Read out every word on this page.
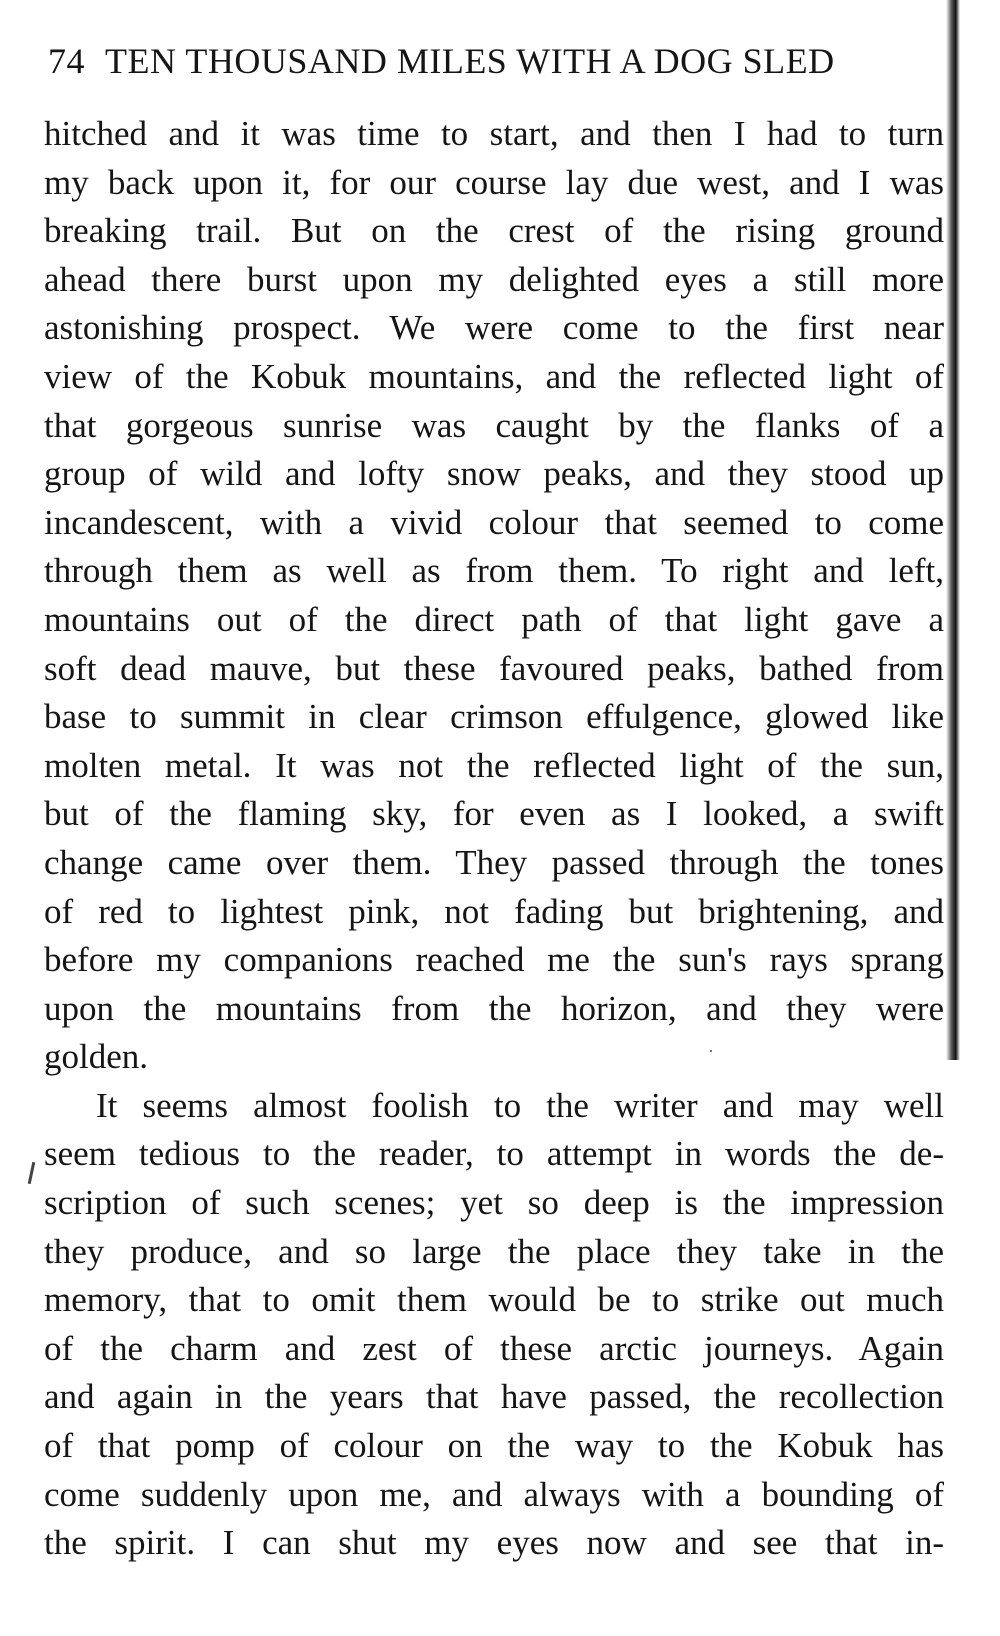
74 TEN THOUSAND MILES WITH A DOG SLED
hitched and it was time to start, and then I had to turn
my back upon it, for our course lay due west, and I was
breaking trail. But on the crest of the rising ground
ahead there burst upon my delighted eyes a still more
astonishing prospect. We were come to the first near
view of the Kobuk mountains, and the reflected light of
that gorgeous sunrise was caught by the flanks of a
group of wild and lofty snow peaks, and they stood up
incandescent, with a vivid colour that seemed to come
through them as well as from them. To right and left,
mountains out of the direct path of that light gave a
soft dead mauve, but these favoured peaks, bathed from
base to summit in clear crimson effulgence, glowed like
molten metal. It was not the reflected light of the sun,
but of the flaming sky, for even as I looked, a swift
change came over them. They passed through the tones
of red to lightest pink, not fading but brightening, and
before my companions reached me the sun's rays sprang
upon the mountains from the horizon, and they were
golden.
It seems almost foolish to the writer and may well
seem tedious to the reader, to attempt in words the de-
scription of such scenes; yet so deep is the impression
they produce, and so large the place they take in the
memory, that to omit them would be to strike out much
of the charm and zest of these arctic journeys. Again
and again in the years that have passed, the recollection
of that pomp of colour on the way to the Kobuk has
come suddenly upon me, and always with a bounding of
the spirit. I can shut my eyes now and see that in-
